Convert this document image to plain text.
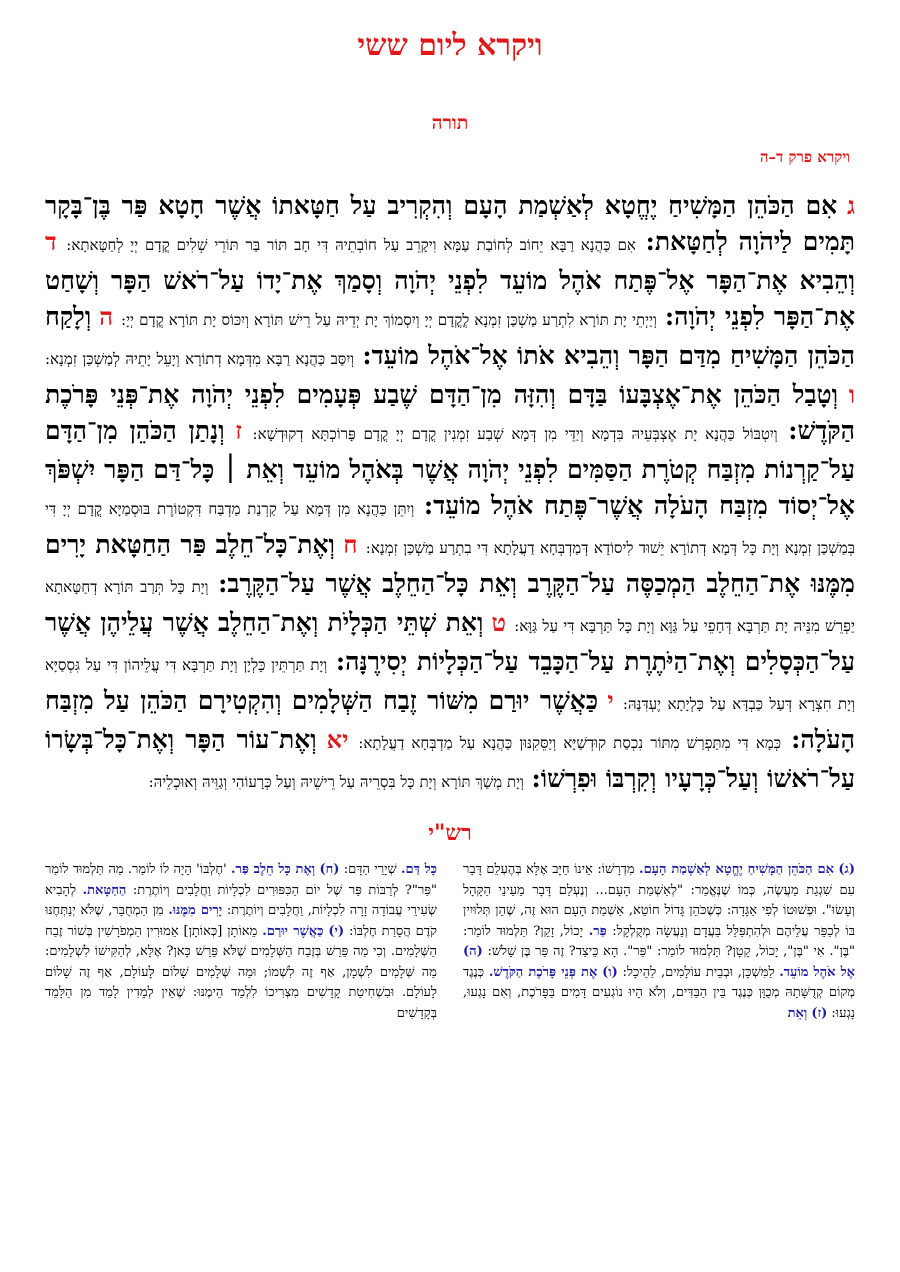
ויקרא ליום ששי
תורה
ויקרא פרק ד–ה

ג אִם הַכֹּהֵן הַמָּשִׁיחַ יֶחֱטָא לְאַשְׁמַת הָעָם וְהִקְרִיב עַל חַטָּאתוֹ אֲשֶׁר חָטָא פַּר בֶּן־בָּקָר תָּמִים לַיהֹוָה לְחַטָּאת: אִם כַּהֲנָא רַבָּא יֵחוֹב לְחוֹבַת עַמָּא וִיקָרֵב עַל חוֹבְתֵיהּ דִּי חָב תּוֹר בַּר תּוֹרֵי שְׁלִים קֳדָם יְיָ לְחַטָּאתָא: ד וְהֵבִיא אֶת־הַפָּר אֶל־פֶּתַח אֹהֶל מוֹעֵד לִפְנֵי יְהֹוָה וְסָמַךְ אֶת־יָדוֹ עַל־רֹאשׁ הַפָּר וְשָׁחַט אֶת־הַפָּר לִפְנֵי יְהֹוָה: וְיַיְתֵי יָת תּוֹרָא לִתְרַע מַשְׁכַּן זִמְנָא לֳקֳדָם יְיָ וְיִסְמוֹךְ יָת יְדֵיהּ עַל רֵישׁ תּוֹרָא וְיִכּוֹס יָת תּוֹרָא קֳדָם יְיָ: ה וְלָקַח הַכֹּהֵן הַמָּשִׁיחַ מִדַּם הַפָּר וְהֵבִיא אֹתוֹ אֶל־אֹהֶל מוֹעֵד: וְיִסַּב כַּהֲנָא רַבָּא מִדְּמָא דְתוֹרָא וְיָעֵל יָתֵיהּ לְמַשְׁכַּן זִמְנָא: ו וְטָבַל הַכֹּהֵן אֶת־אֶצְבָּעוֹ בַּדָּם וְהִזָּה מִן־הַדָּם שֶׁבַע פְּעָמִים לִפְנֵי יְהֹוָה אֶת־פְּנֵי פָּרֹכֶת הַקֹּדֶשׁ: וְיִטְבּוֹל כַּהֲנָא יָת אֶצְבְּעֵיהּ בִּדְמָא וְיַדֵּי מִן דְּמָא שְׁבַע זִמְנִין קֳדָם יְיָ קֳדָם פָּרוֹכְתָּא דְקוּדְשָׁא: ז וְנָתַן הַכֹּהֵן מִן־הַדָּם עַל־קַרְנוֹת מִזְבַּח קְטֹרֶת הַסַּמִּים לִפְנֵי יְהֹוָה אֲשֶׁר בְּאֹהֶל מוֹעֵד וְאֵת ׀ כָּל־דַּם הַפָּר יִשְׁפֹּךְ אֶל־יְסוֹד מִזְבַּח הָעֹלָה אֲשֶׁר־פֶּתַח אֹהֶל מוֹעֵד: וְיִתֵּן כַּהֲנָא מִן דְּמָא עַל קַרְנַת מַדְבַּח דִּקְטוֹרֶת בּוּסְמַיָּא קֳדָם יְיָ דִּי בְּמַשְׁכַּן זִמְנָא וְיָת כָּל דְּמָא דְתוֹרָא יֵשׁוּד לִיסוֹדָא דְּמַדְבְּחָא דַעֲלָתָא דִּי בִתְרַע מַשְׁכַּן זִמְנָא: ח וְאֶת־כָּל־חֵלֶב פַּר הַחַטָּאת יָרִים מִמֶּנּוּ אֶת־הַחֵלֶב הַמְכַסֶּה עַל־הַקֶּרֶב וְאֵת כָּל־הַחֵלֶב אֲשֶׁר עַל־הַקֶּרֶב: וְיָת כָּל תְּרַב תּוֹרָא דְחַטָּאתָא יַפְרֵשׁ מִנֵּיהּ יָת תַּרְבָּא דְּחָפֵי עַל גַּוָּא וְיָת כָּל תַּרְבָּא דִּי עַל גַּוָּא: ט וְאֵת שְׁתֵּי הַכְּלָיֹת וְאֶת־הַחֵלֶב אֲשֶׁר עֲלֵיהֶן אֲשֶׁר עַל־הַכְּסָלִים וְאֶת־הַיֹּתֶרֶת עַל־הַכָּבֵד עַל־הַכְּלָיוֹת יְסִירֶנָּה: וְיָת תַּרְתֵּין כָּלְיָן וְיָת תַּרְבָּא דִּי עֲלֵיהוֹן דִּי עַל גִּסְסַיָּא וְיָת חִצְרָא דְּעַל כַּבְדָּא עַל כָּלְיָתָא יֶעְדִּנַּהּ: י כַּאֲשֶׁר יוּרַם מִשּׁוֹר זֶבַח הַשְּׁלָמִים וְהִקְטִירָם הַכֹּהֵן עַל מִזְבַּח הָעֹלָה: כְּמָא דִּי מִתַּפְרַשׁ מִתּוֹר נִכְסַת קוּדְשַׁיָּא וְיַסֵּקִנּוּן כַּהֲנָא עַל מַדְבְּחָא דַעֲלָתָא: יא וְאֶת־עוֹר הַפָּר וְאֶת־כָּל־בְּשָׂרוֹ עַל־רֹאשׁוֹ וְעַל־כְּרָעָיו וְקִרְבּוֹ וּפִרְשׁוֹ: וְיָת מְשַׁךְ תּוֹרָא וְיָת כָּל בִּסְרֵיהּ עַל רֵישֵׁיהּ וְעַל כְּרָעוֹהִי וְגַוֵּיהּ וְאוּכְלֵיהּ:

רש"י

(ג) אִם הַכֹּהֵן הַמָּשִׁיחַ יֶחֱטָא לְאַשְׁמַת הָעָם. מִדְרָשׁוֹ: אֵינוֹ חַיָּב אֶלָּא בְּהֶעְלֵם דָּבָר עִם שִׁגְגַת מַעֲשֶׂה, כְּמוֹ שֶׁנֶּאֱמַר: "לְאַשְׁמַת הָעָם... וְנֶעְלַם דָּבָר מֵעֵינֵי הַקָּהָל וְעָשׂוּ". וּפְשׁוּטוֹ לְפִי אַגָּדָה: כְּשֶׁכֹּהֵן גָּדוֹל חוֹטֵא, אַשְׁמַת הָעָם הוּא זֶה, שֶׁהֵן תְּלוּיִין בּוֹ לְכַפֵּר עֲלֵיהֶם וּלְהִתְפַּלֵּל בַּעֲדָם וְנַעֲשָׂה מְקֻלְקָל: פַּר. יָכוֹל, זָקֵן? תַּלְמוּד לוֹמַר: "בֶּן". אִי "בֶּן", יָכוֹל, קָטָן? תַּלְמוּד לוֹמַר: "פַּר". הָא כֵּיצַד? זֶה פַּר בֶּן שָׁלֹשׁ: (ה) אֶל אֹהֶל מוֹעֵד. לַמִּשְׁכָּן, וּבְבֵית עוֹלָמִים, לַהֵיכָל: (ו) אֶת פְּנֵי פָּרֹכֶת הַקֹּדֶשׁ. כְּנֶגֶד מְקוֹם קְדֻשָּׁתָהּ מְכֻוָּן כְּנֶגֶד בֵּין הַבַּדִּים, וְלֹא הָיוּ נוֹגְעִים דָּמִים בַּפָּרֹכֶת, וְאִם נָגְעוּ, נָגְעוּ: (ז) וְאֵת

כָּל דַּם. שְׁיָרֵי הַדָּם: (ח) וְאֶת כָּל חֵלֶב פַּר. 'חֶלְבּוֹ' הָיָה לוֹ לוֹמַר. מַה תַּלְמוּד לוֹמַר "פַּר"? לְרַבּוֹת פַּר שֶׁל יוֹם הַכִּפּוּרִים לִכְלָיוֹת וַחֲלָבִים וְיוֹתֶרֶת: הַחַטָּאת. לְהָבִיא שְׂעִירֵי עֲבוֹדָה זָרָה לִכְלָיוֹת, וַחֲלָבִים וְיוֹתֶרֶת: יָרִים מִמֶּנּוּ. מִן הַמְחֻבָּר, שֶׁלֹּא יְנַתְּחֶנּוּ קֹדֶם הֲסָרַת חֶלְבּוֹ: (י) כַּאֲשֶׁר יוּרַם. מֵאוֹתָן [כְּאוֹתָן] אֵמוּרִין הַמְפֹרָשִׁין בְּשׁוֹר זֶבַח הַשְּׁלָמִים. וְכִי מַה פֵּרֵשׁ בְּזֶבַח הַשְּׁלָמִים שֶׁלֹּא פֵּרֵשׁ כָּאן? אֶלָּא, לְהַקִּישׁוֹ לִשְׁלָמִים: מַה שְּׁלָמִים לִשְׁמָן, אַף זֶה לִשְׁמוֹ; וּמַה שְּׁלָמִים שָׁלוֹם לָעוֹלָם, אַף זֶה שָׁלוֹם לָעוֹלָם. וּבִשְׁחִיטַת קָדָשִׁים מִצְרִיכוֹ לִלְמֵד הֵימֶנּוּ: שֶׁאֵין לְמֵדִין לָמֵד מִן הַלָּמֵד בְּקָדָשִׁים
